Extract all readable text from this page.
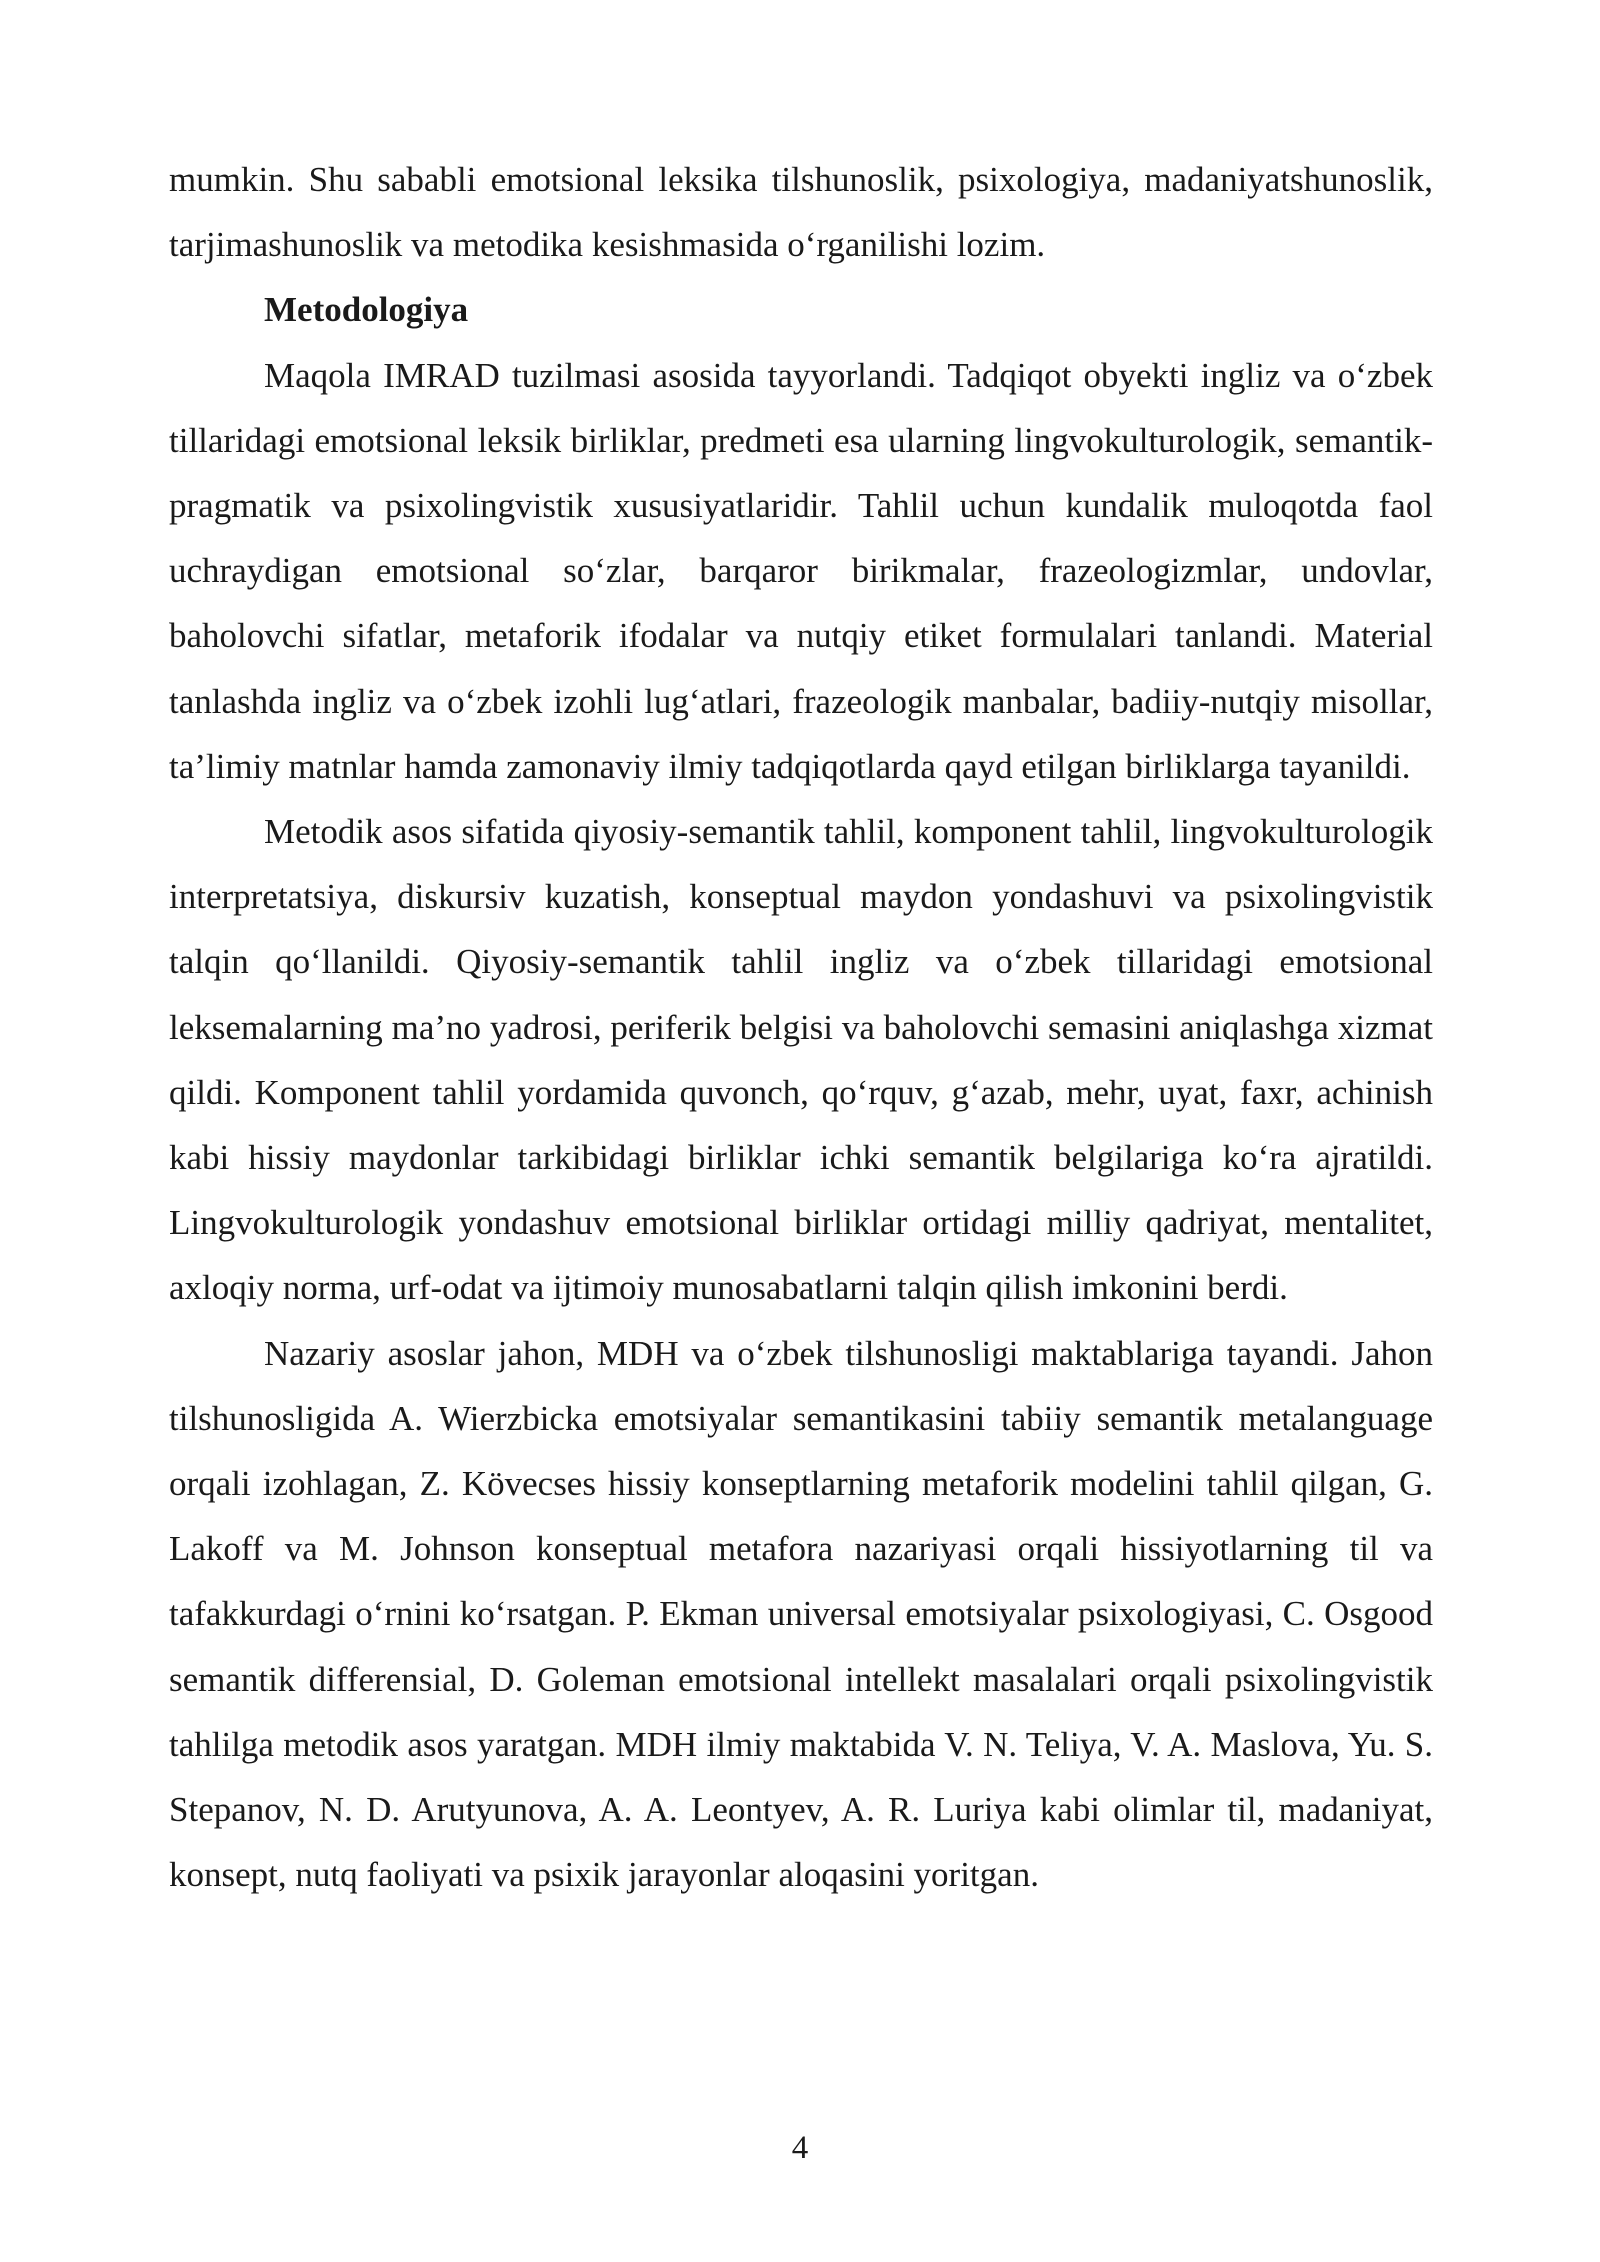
mumkin. Shu sababli emotsional leksika tilshunoslik, psixologiya, madaniyatshunoslik, tarjimashunoslik va metodika kesishmasida o‘rganilishi lozim.

Metodologiya

Maqola IMRAD tuzilmasi asosida tayyorlandi. Tadqiqot obyekti ingliz va o‘zbek tillaridagi emotsional leksik birliklar, predmeti esa ularning lingvokulturologik, semantik-pragmatik va psixolingvistik xususiyatlaridir. Tahlil uchun kundalik muloqotda faol uchraydigan emotsional so‘zlar, barqaror birikmalar, frazeologizmlar, undovlar, baholovchi sifatlar, metaforik ifodalar va nutqiy etiket formulalari tanlandi. Material tanlashda ingliz va o‘zbek izohli lug‘atlari, frazeologik manbalar, badiiy-nutqiy misollar, ta’limiy matnlar hamda zamonaviy ilmiy tadqiqotlarda qayd etilgan birliklarga tayanildi.

Metodik asos sifatida qiyosiy-semantik tahlil, komponent tahlil, lingvokulturologik interpretatsiya, diskursiv kuzatish, konseptual maydon yondashuvi va psixolingvistik talqin qo‘llanildi. Qiyosiy-semantik tahlil ingliz va o‘zbek tillaridagi emotsional leksemalarning ma’no yadrosi, periferik belgisi va baholovchi semasini aniqlashga xizmat qildi. Komponent tahlil yordamida quvonch, qo‘rquv, g‘azab, mehr, uyat, faxr, achinish kabi hissiy maydonlar tarkibidagi birliklar ichki semantik belgilariga ko‘ra ajratildi. Lingvokulturologik yondashuv emotsional birliklar ortidagi milliy qadriyat, mentalitet, axloqiy norma, urf-odat va ijtimoiy munosabatlarni talqin qilish imkonini berdi.

Nazariy asoslar jahon, MDH va o‘zbek tilshunosligi maktablariga tayandi. Jahon tilshunosligida A. Wierzbicka emotsiyalar semantikasini tabiiy semantik metalanguage orqali izohlagan, Z. Kövecses hissiy konseptlarning metaforik modelini tahlil qilgan, G. Lakoff va M. Johnson konseptual metafora nazariyasi orqali hissiyotlarning til va tafakkurdagi o‘rnini ko‘rsatgan. P. Ekman universal emotsiyalar psixologiyasi, C. Osgood semantik differensial, D. Goleman emotsional intellekt masalalari orqali psixolingvistik tahlilga metodik asos yaratgan. MDH ilmiy maktabida V. N. Teliya, V. A. Maslova, Yu. S. Stepanov, N. D. Arutyunova, A. A. Leontyev, A. R. Luriya kabi olimlar til, madaniyat, konsept, nutq faoliyati va psixik jarayonlar aloqasini yoritgan.

4
